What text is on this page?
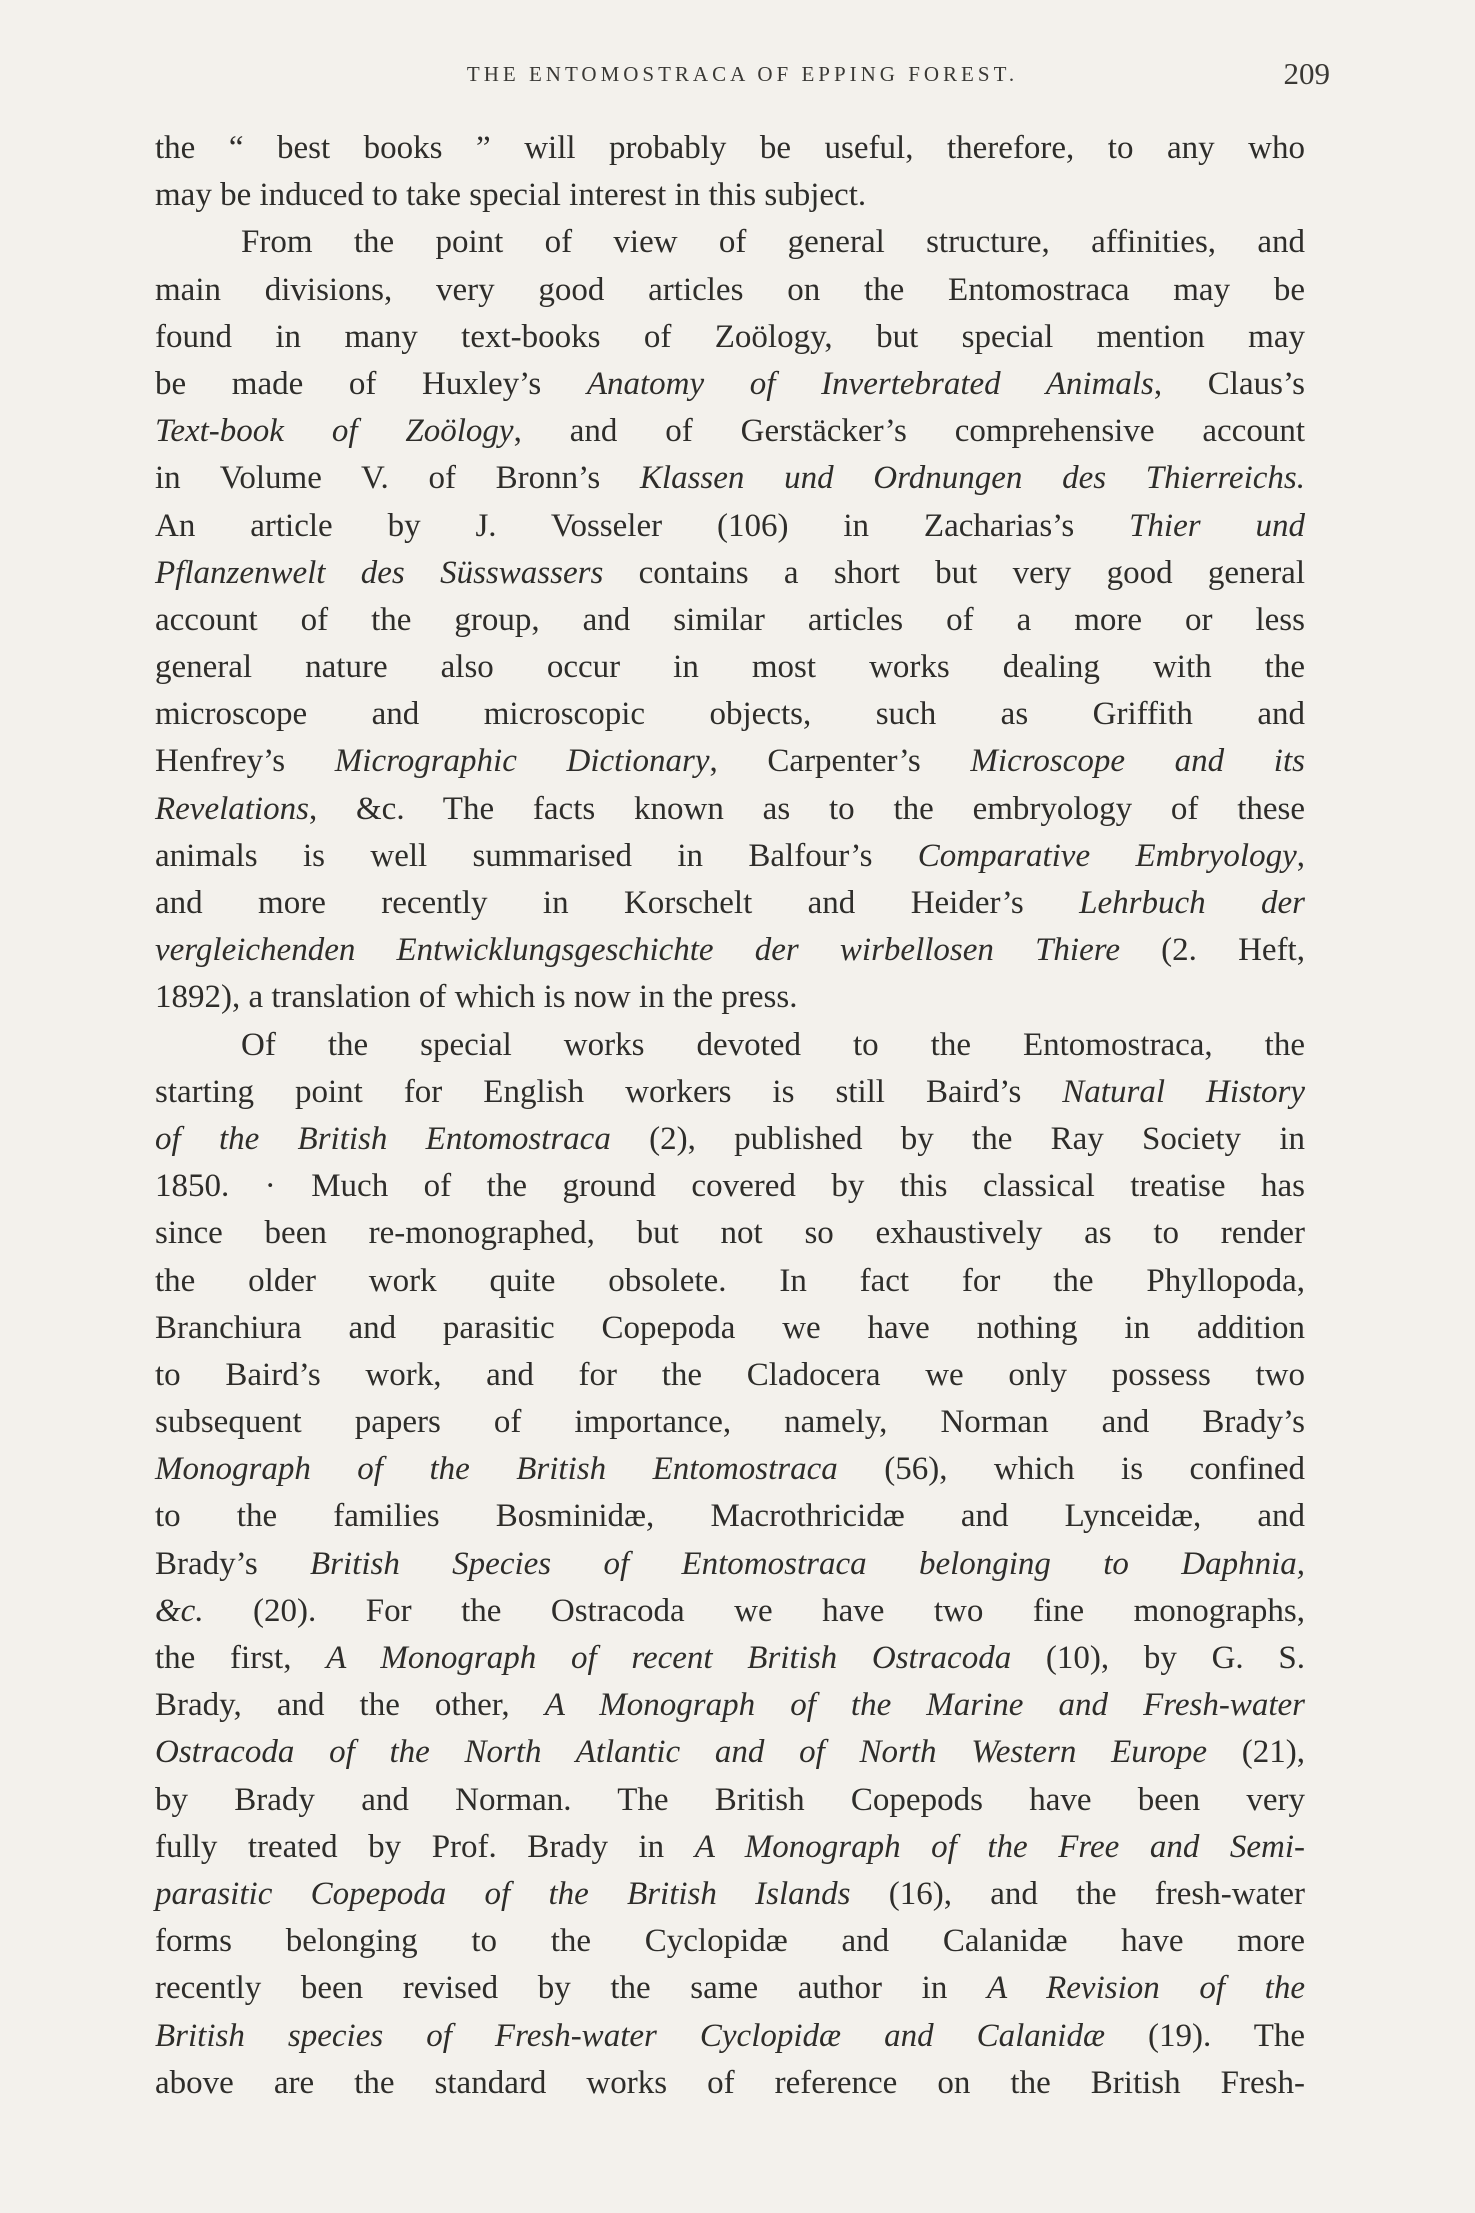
THE ENTOMOSTRACA OF EPPING FOREST.	209
the “ best books ” will probably be useful, therefore, to any who
may be induced to take special interest in this subject.
From the point of view of general structure, affinities, and
main divisions, very good articles on the Entomostraca may be
found in many text-books of Zoölogy, but special mention may
be made of Huxley’s Anatomy of Invertebrated Animals, Claus’s
Text-book of Zoölogy, and of Gerstäcker’s comprehensive account
in Volume V. of Bronn’s Klassen und Ordnungen des Thierreichs.
An article by J. Vosseler (106) in Zacharias’s Thier und
Pflanzenwelt des Süsswassers contains a short but very good general
account of the group, and similar articles of a more or less
general nature also occur in most works dealing with the
microscope and microscopic objects, such as Griffith and
Henfrey’s Micrographic Dictionary, Carpenter’s Microscope and its
Revelations, &c. The facts known as to the embryology of these
animals is well summarised in Balfour’s Comparative Embryology,
and more recently in Korschelt and Heider’s Lehrbuch der
vergleichenden Entwicklungsgeschichte der wirbellosen Thiere (2. Heft,
1892), a translation of which is now in the press.
Of the special works devoted to the Entomostraca, the
starting point for English workers is still Baird’s Natural History
of the British Entomostraca (2), published by the Ray Society in
1850. · Much of the ground covered by this classical treatise has
since been re-monographed, but not so exhaustively as to render
the older work quite obsolete. In fact for the Phyllopoda,
Branchiura and parasitic Copepoda we have nothing in addition
to Baird’s work, and for the Cladocera we only possess two
subsequent papers of importance, namely, Norman and Brady’s
Monograph of the British Entomostraca (56), which is confined
to the families Bosminidæ, Macrothricidæ and Lynceidæ, and
Brady’s British Species of Entomostraca belonging to Daphnia,
&c. (20). For the Ostracoda we have two fine monographs,
the first, A Monograph of recent British Ostracoda (10), by G. S.
Brady, and the other, A Monograph of the Marine and Fresh-water
Ostracoda of the North Atlantic and of North Western Europe (21),
by Brady and Norman. The British Copepods have been very
fully treated by Prof. Brady in A Monograph of the Free and Semi-
parasitic Copepoda of the British Islands (16), and the fresh-water
forms belonging to the Cyclopidæ and Calanidæ have more
recently been revised by the same author in A Revision of the
British species of Fresh-water Cyclopidæ and Calanidæ (19). The
above are the standard works of reference on the British Fresh-
